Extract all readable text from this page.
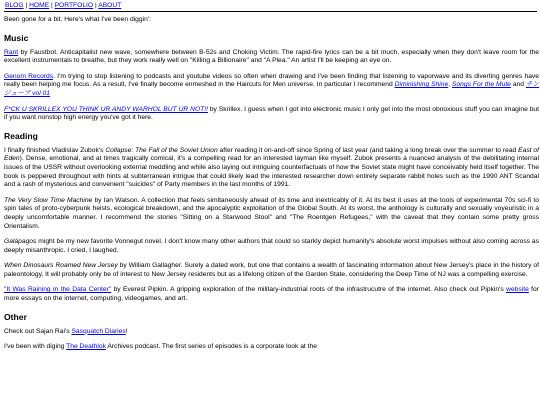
BLOG | HOME | PORTFOLIO | ABOUT

Been gone for a bit. Here's what I've been diggin':

Music

Rant by Faustbot. Anticapitalist new wave, somewhere between B-52s and Choking Victim. The rapid-fire lyrics can be a bit much, especially when they don't leave room for the excellent instrumentals to breathe, but they work really well on "Killing a Billionaire" and "A Plea." An artist I'll be keeping an eye on.

Genom Records. I'm trying to stop listening to podcasts and youtube videos so often when drawing and I've been finding that listening to vaporwave and its diverting genres have really been helping me focus. As a result, I've finally become enmeshed in the Haircuts for Men universe. In particular I recommend Diminishing Shine, Songs For the Mute and チンジューブ vol 01

F*CK U SKRILLEX YOU THINK UR ANDY WARHOL BUT UR NOT!! by Skrillex. I guess when I got into electronic music I only get into the most obnoxious stuff you can imagine but if you want nonstop high energy you've got it here.

Reading

I finally finished Vladislav Zubok's Collapse: The Fall of the Soviet Union after reading it on-and-off since Spring of last year (and taking a long break over the summer to read East of Eden). Dense, emotional, and at times tragically comical, it's a compelling read for an interested layman like myself. Zubok presents a nuanced analysis of the debilitating internal issues of the USSR without overlooking external meddling and while also laying out intriguing counterfactuals of how the Soviet state might have conceivably held itself together. The book is peppered throughout with hints at subterranean intrigue that could likely lead the interested researcher down entirely separate rabbit holes such as the 1990 ANT Scandal and a rash of mysterious and convenient "suicides" of Party members in the last months of 1991.

The Very Slow Time Machine by Ian Watson. A collection that feels simltaneously ahead of its time and inextricably of it. At its best it uses all the tools of experimental 70s sci-fi to spin tales of proto-cyberpunk heists, ecological breakdown, and the apocalyptic exploitation of the Global South. At its worst, the anthology is culturally and sexually voyeuristic in a deeply uncomfortable manner. I recommend the stories "Sitting on a Starwood Stool" and "The Roentgen Refugees," with the caveat that they contain some pretty gross Orientalism.

Galápagos might be my new favorite Vonnegut novel. I don't know many other authors that could so starkly depict humanity's absolute worst impulses without also coming across as deeply misanthropic. I cried, I laughed.

When Dinosaurs Roamed New Jersey by William Gallagher. Surely a dated work, but one that contains a wealth of fascinating information about New Jersey's place in the history of paleontology. It will probably only be of interest to New Jersey residents but as a lifelong citizen of the Garden State, considering the Deep Time of NJ was a compelling exercise.

"It Was Raining in the Data Center" by Everest Pipkin. A gripping exploration of the military-industrial roots of the infrastrucutre of the internet. Also check out Pipkin's website for more essays on the internet, computing, videogames, and art.

Other

Check out Sajan Rai's Sasquatch Diaries!

I've been with diging The Deathlok Archives podcast. The first series of episodes is a corporate look at the
